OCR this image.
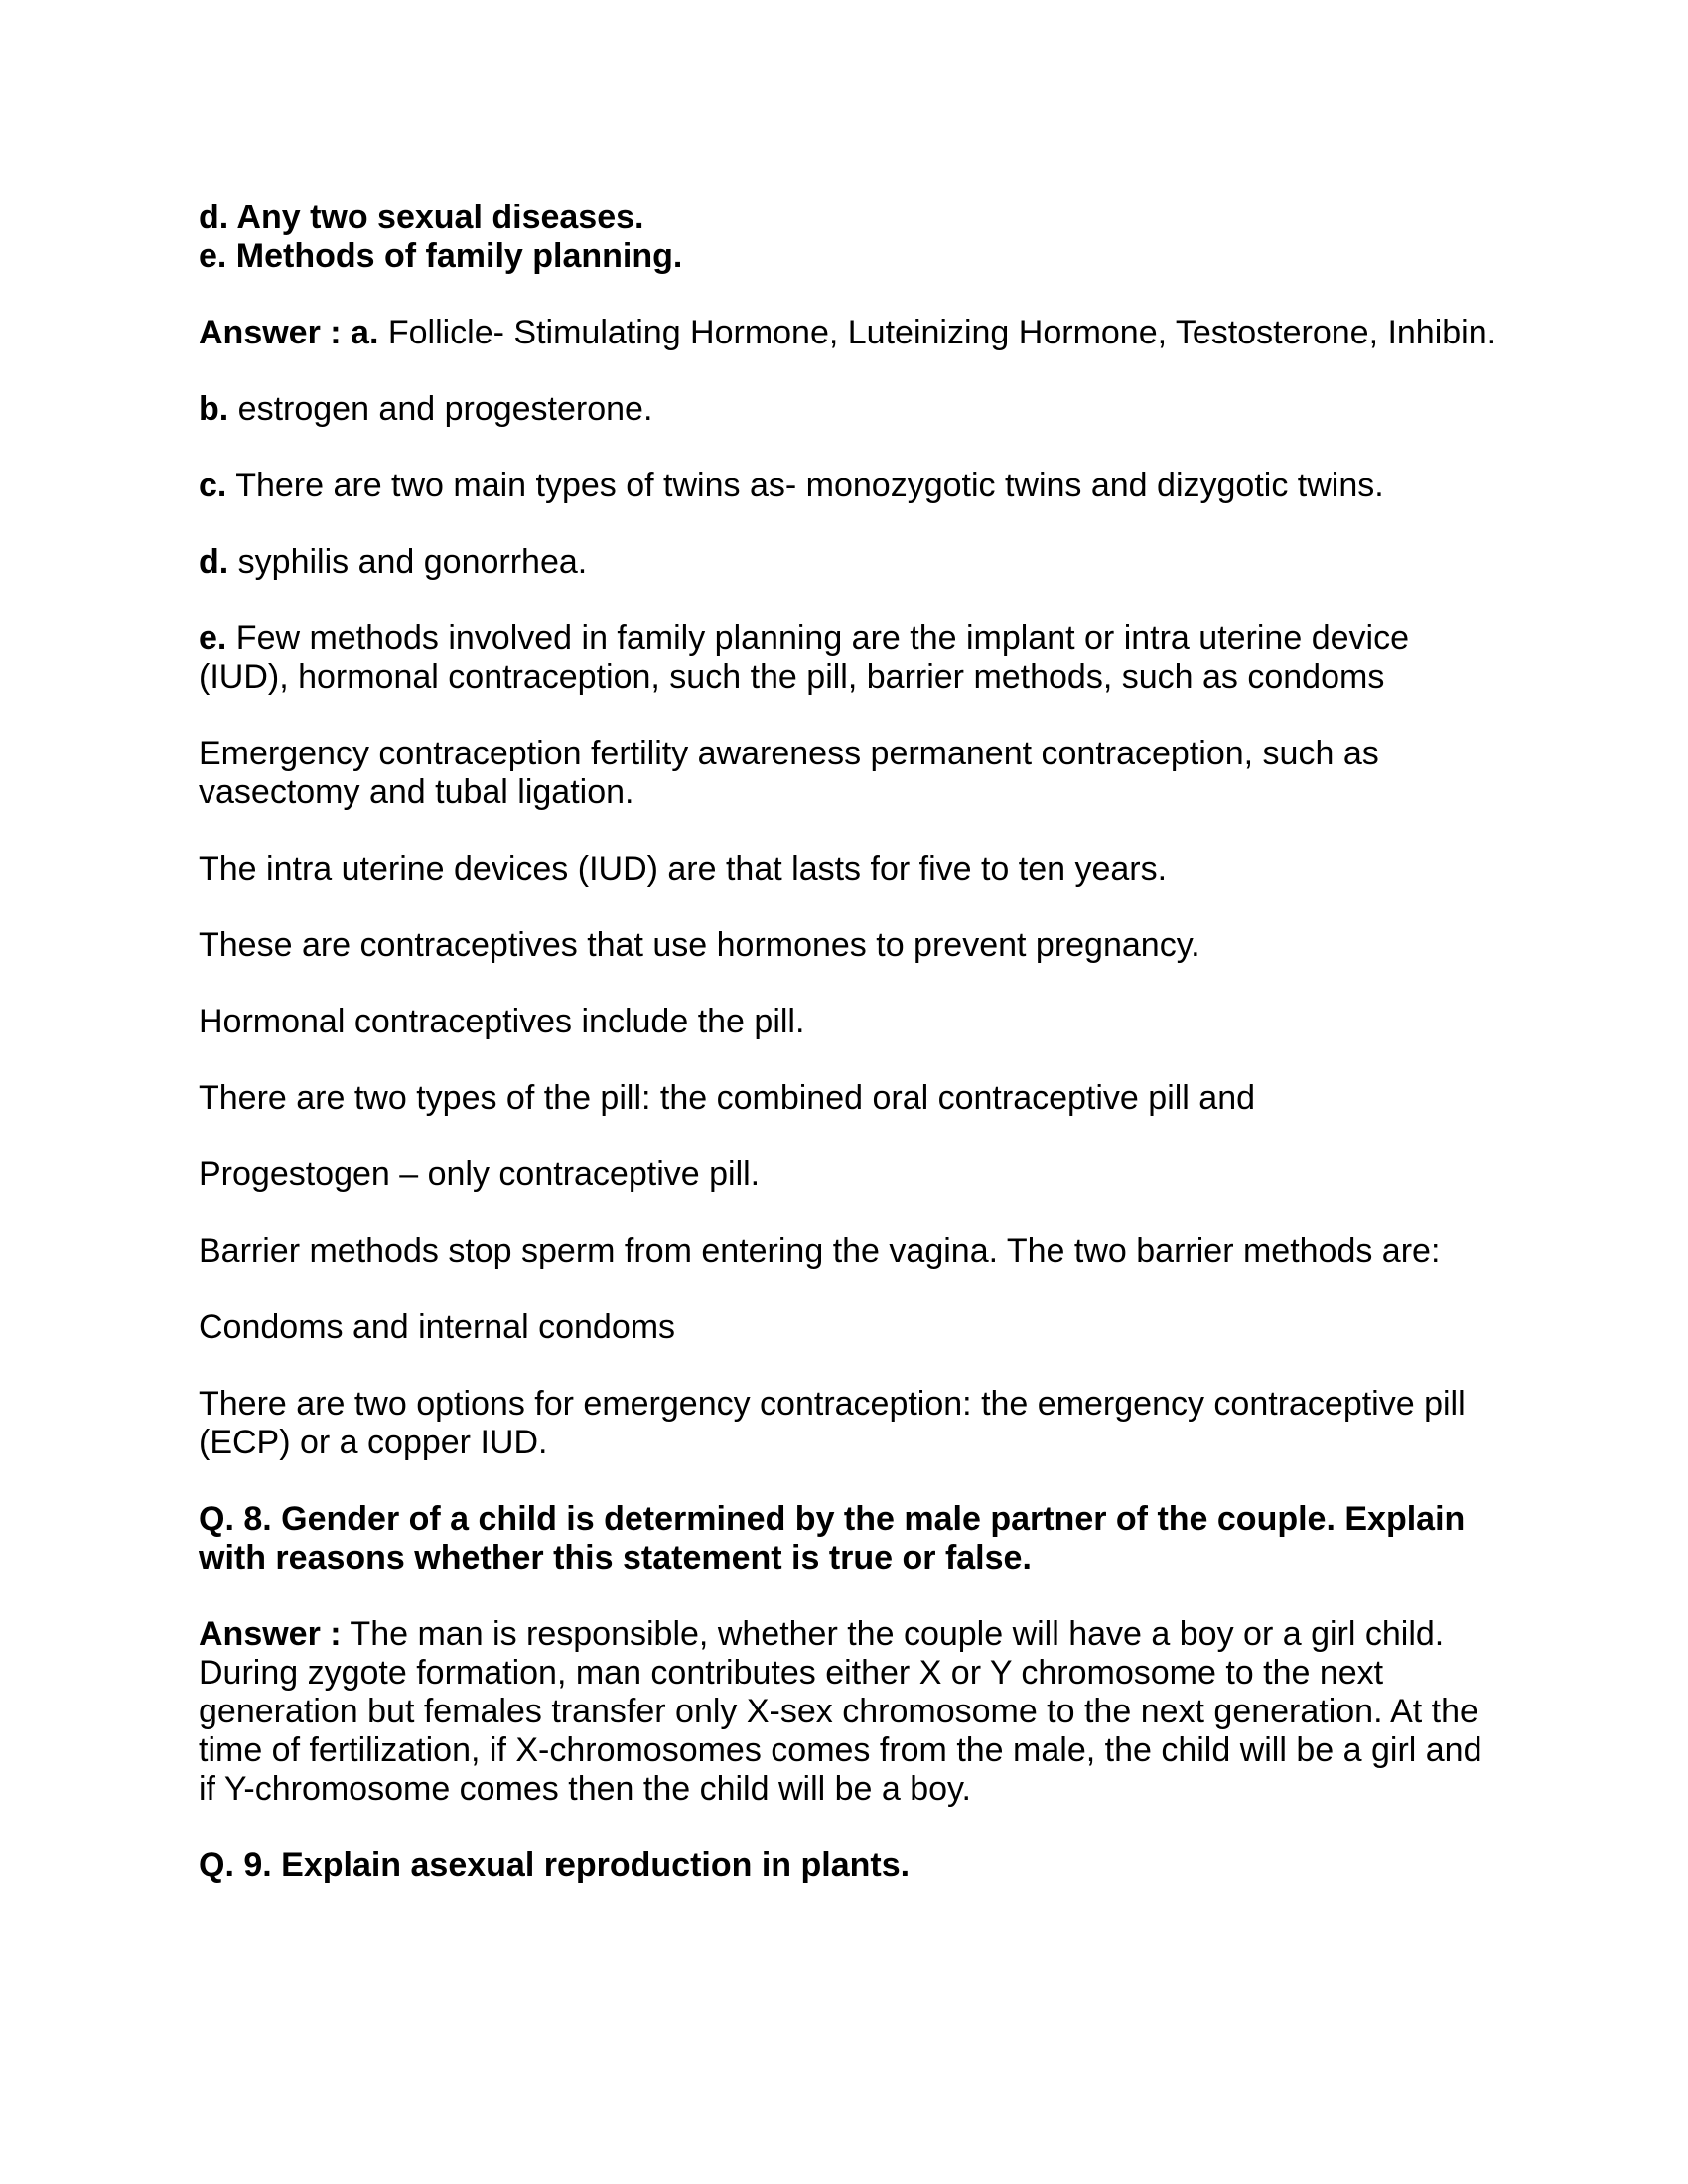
d. Any two sexual diseases.

e. Methods of family planning.

Answer : a. Follicle- Stimulating Hormone, Luteinizing Hormone, Testosterone, Inhibin.

b. estrogen and progesterone.

c. There are two main types of twins as- monozygotic twins and dizygotic twins.

d. syphilis and gonorrhea.

e. Few methods involved in family planning are the implant or intra uterine device (IUD), hormonal contraception, such the pill, barrier methods, such as condoms

Emergency contraception fertility awareness permanent contraception, such as vasectomy and tubal ligation.

The intra uterine devices (IUD) are that lasts for five to ten years.

These are contraceptives that use hormones to prevent pregnancy.

Hormonal contraceptives include the pill.

There are two types of the pill: the combined oral contraceptive pill and

Progestogen – only contraceptive pill.

Barrier methods stop sperm from entering the vagina. The two barrier methods are:

Condoms and internal condoms

There are two options for emergency contraception: the emergency contraceptive pill (ECP) or a copper IUD.

Q. 8. Gender of a child is determined by the male partner of the couple. Explain with reasons whether this statement is true or false.

Answer : The man is responsible, whether the couple will have a boy or a girl child. During zygote formation, man contributes either X or Y chromosome to the next generation but females transfer only X-sex chromosome to the next generation. At the time of fertilization, if X-chromosomes comes from the male, the child will be a girl and if Y-chromosome comes then the child will be a boy.

Q. 9. Explain asexual reproduction in plants.
